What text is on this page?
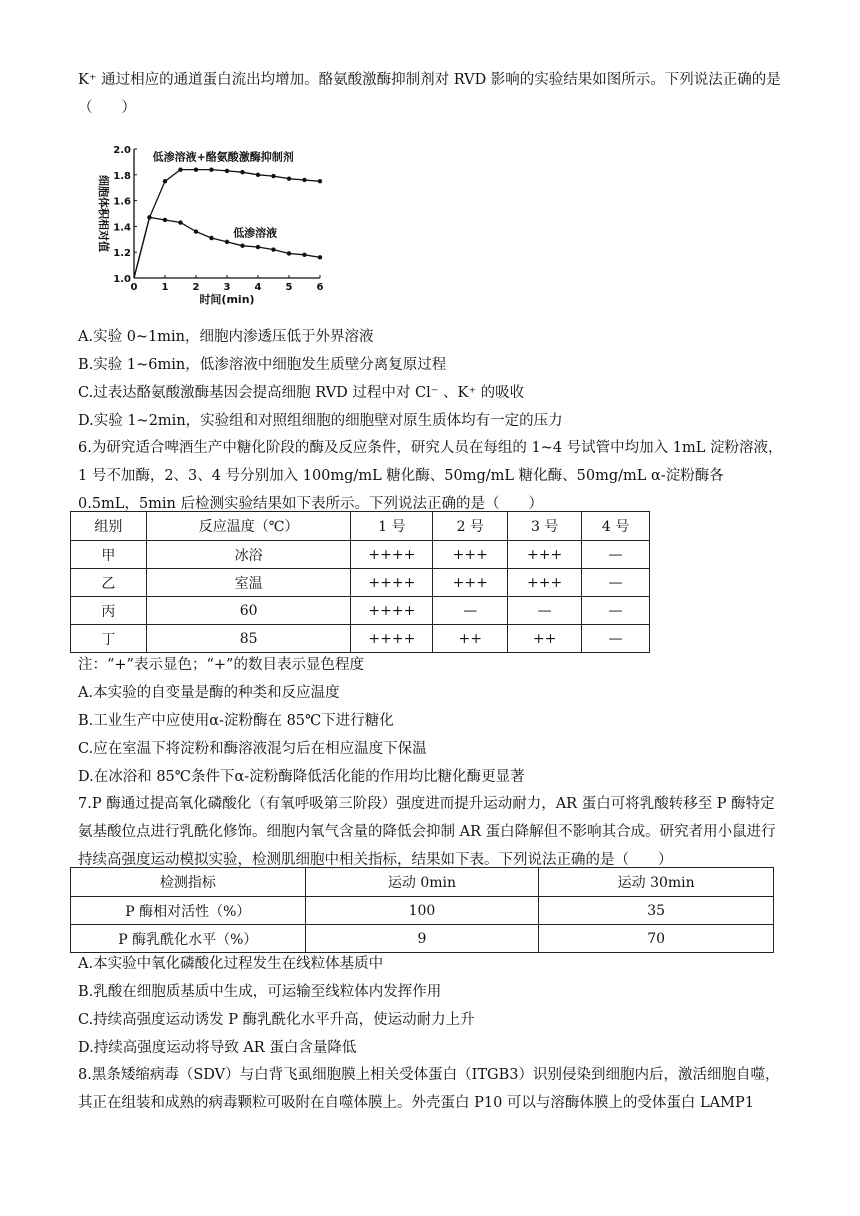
K⁺ 通过相应的通道蛋白流出均增加。酪氨酸激酶抑制剂对 RVD 影响的实验结果如图所示。下列说法正确的是（　　）

0 1 2 3 4 5 6
1.0
1.2
1.4
1.6
1.8
2.0
细胞体积相对值
时间(min)
低渗溶液+酪氨酸激酶抑制剂
低渗溶液

A.实验 0~1min，细胞内渗透压低于外界溶液

B.实验 1~6min，低渗溶液中细胞发生质壁分离复原过程

C.过表达酪氨酸激酶基因会提高细胞 RVD 过程中对 Cl⁻ 、K⁺ 的吸收

D.实验 1~2min，实验组和对照组细胞的细胞壁对原生质体均有一定的压力

6.为研究适合啤酒生产中糖化阶段的酶及反应条件，研究人员在每组的 1~4 号试管中均加入 1mL 淀粉溶液，1 号不加酶，2、3、4 号分别加入 100mg/mL 糖化酶、50mg/mL 糖化酶、50mg/mL α-淀粉酶各 0.5mL，5min 后检测实验结果如下表所示。下列说法正确的是（　　）

组别	反应温度（℃）	1 号	2 号	3 号	4 号
甲	冰浴	++++	+++	+++	—
乙	室温	++++	+++	+++	—
丙	60	++++	—	—	—
丁	85	++++	++	++	—

注：“+”表示显色；“+”的数目表示显色程度

A.本实验的自变量是酶的种类和反应温度

B.工业生产中应使用α-淀粉酶在 85℃下进行糖化

C.应在室温下将淀粉和酶溶液混匀后在相应温度下保温

D.在冰浴和 85℃条件下α-淀粉酶降低活化能的作用均比糖化酶更显著

7.P 酶通过提高氧化磷酸化（有氧呼吸第三阶段）强度进而提升运动耐力，AR 蛋白可将乳酸转移至 P 酶特定氨基酸位点进行乳酰化修饰。细胞内氧气含量的降低会抑制 AR 蛋白降解但不影响其合成。研究者用小鼠进行持续高强度运动模拟实验，检测肌细胞中相关指标，结果如下表。下列说法正确的是（　　）

检测指标	运动 0min	运动 30min
P 酶相对活性（%）	100	35
P 酶乳酰化水平（%）	9	70

A.本实验中氧化磷酸化过程发生在线粒体基质中

B.乳酸在细胞质基质中生成，可运输至线粒体内发挥作用

C.持续高强度运动诱发 P 酶乳酰化水平升高，使运动耐力上升

D.持续高强度运动将导致 AR 蛋白含量降低

8.黑条矮缩病毒（SDV）与白背飞虱细胞膜上相关受体蛋白（ITGB3）识别侵染到细胞内后，激活细胞自噬，其正在组装和成熟的病毒颗粒可吸附在自噬体膜上。外壳蛋白 P10 可以与溶酶体膜上的受体蛋白 LAMP1
